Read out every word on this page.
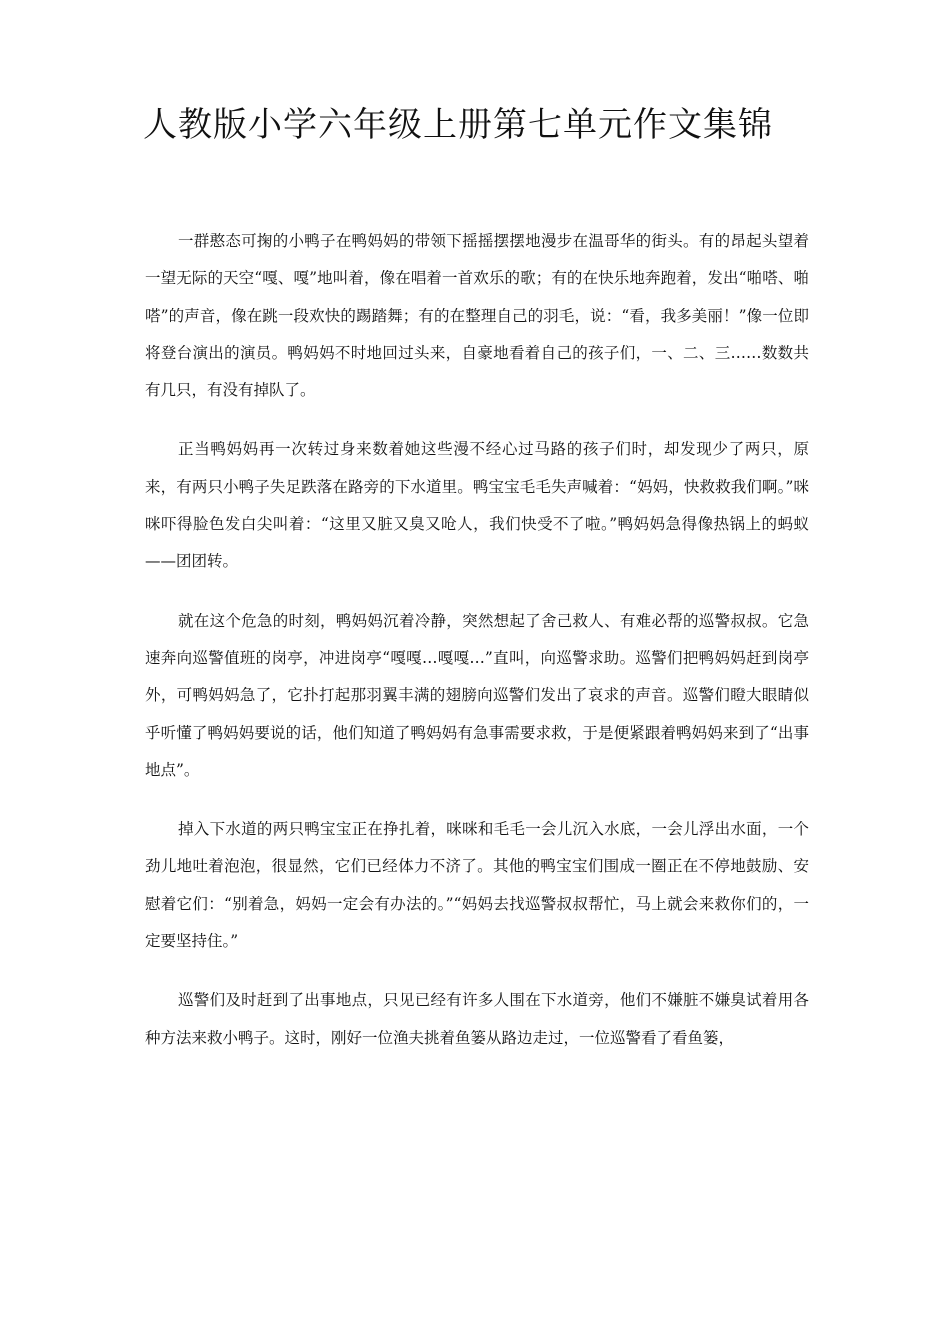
人教版小学六年级上册第七单元作文集锦

一群憨态可掬的小鸭子在鸭妈妈的带领下摇摇摆摆地漫步在温哥华的街头。有的昂起头望着一望无际的天空“嘎、嘎”地叫着，像在唱着一首欢乐的歌；有的在快乐地奔跑着，发出“啪嗒、啪嗒”的声音，像在跳一段欢快的踢踏舞；有的在整理自己的羽毛，说：“看，我多美丽！”像一位即将登台演出的演员。鸭妈妈不时地回过头来，自豪地看着自己的孩子们，一、二、三……数数共有几只，有没有掉队了。

正当鸭妈妈再一次转过身来数着她这些漫不经心过马路的孩子们时，却发现少了两只，原来，有两只小鸭子失足跌落在路旁的下水道里。鸭宝宝毛毛失声喊着：“妈妈，快救救我们啊。”咪咪吓得脸色发白尖叫着：“这里又脏又臭又呛人，我们快受不了啦。”鸭妈妈急得像热锅上的蚂蚁——团团转。

就在这个危急的时刻，鸭妈妈沉着冷静，突然想起了舍己救人、有难必帮的巡警叔叔。它急速奔向巡警值班的岗亭，冲进岗亭“嘎嘎…嘎嘎…”直叫，向巡警求助。巡警们把鸭妈妈赶到岗亭外，可鸭妈妈急了，它扑打起那羽翼丰满的翅膀向巡警们发出了哀求的声音。巡警们瞪大眼睛似乎听懂了鸭妈妈要说的话，他们知道了鸭妈妈有急事需要求救，于是便紧跟着鸭妈妈来到了“出事地点”。

掉入下水道的两只鸭宝宝正在挣扎着，咪咪和毛毛一会儿沉入水底，一会儿浮出水面，一个劲儿地吐着泡泡，很显然，它们已经体力不济了。其他的鸭宝宝们围成一圈正在不停地鼓励、安慰着它们：“别着急，妈妈一定会有办法的。”“妈妈去找巡警叔叔帮忙，马上就会来救你们的，一定要坚持住。”

巡警们及时赶到了出事地点，只见已经有许多人围在下水道旁，他们不嫌脏不嫌臭试着用各种方法来救小鸭子。这时，刚好一位渔夫挑着鱼篓从路边走过，一位巡警看了看鱼篓，
